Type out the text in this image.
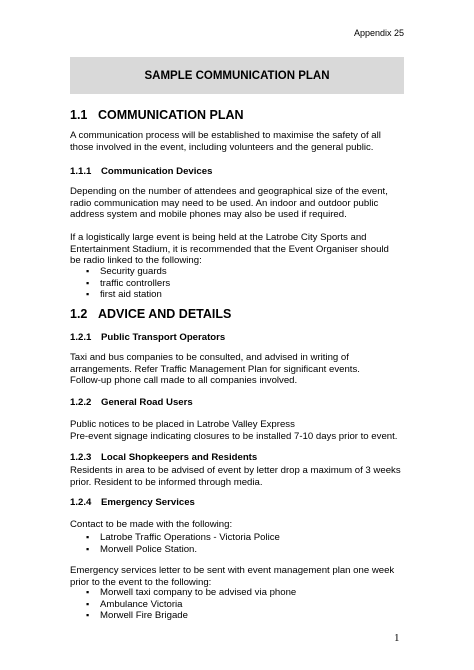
Appendix 25
SAMPLE COMMUNICATION PLAN
1.1 COMMUNICATION PLAN
A communication process will be established to maximise the safety of all
those involved in the event, including volunteers and the general public.
1.1.1 Communication Devices
Depending on the number of attendees and geographical size of the event,
radio communication may need to be used. An indoor and outdoor public
address system and mobile phones may also be used if required.
If a logistically large event is being held at the Latrobe City Sports and
Entertainment Stadium, it is recommended that the Event Organiser should
be radio linked to the following:
▪ Security guards
▪ traffic controllers
▪ first aid station
1.2 ADVICE AND DETAILS
1.2.1 Public Transport Operators
Taxi and bus companies to be consulted, and advised in writing of
arrangements. Refer Traffic Management Plan for significant events.
Follow-up phone call made to all companies involved.
1.2.2 General Road Users
Public notices to be placed in Latrobe Valley Express
Pre-event signage indicating closures to be installed 7-10 days prior to event.
1.2.3 Local Shopkeepers and Residents
Residents in area to be advised of event by letter drop a maximum of 3 weeks
prior. Resident to be informed through media.
1.2.4 Emergency Services
Contact to be made with the following:
▪ Latrobe Traffic Operations - Victoria Police
▪ Morwell Police Station.
Emergency services letter to be sent with event management plan one week
prior to the event to the following:
▪ Morwell taxi company to be advised via phone
▪ Ambulance Victoria
▪ Morwell Fire Brigade
1
